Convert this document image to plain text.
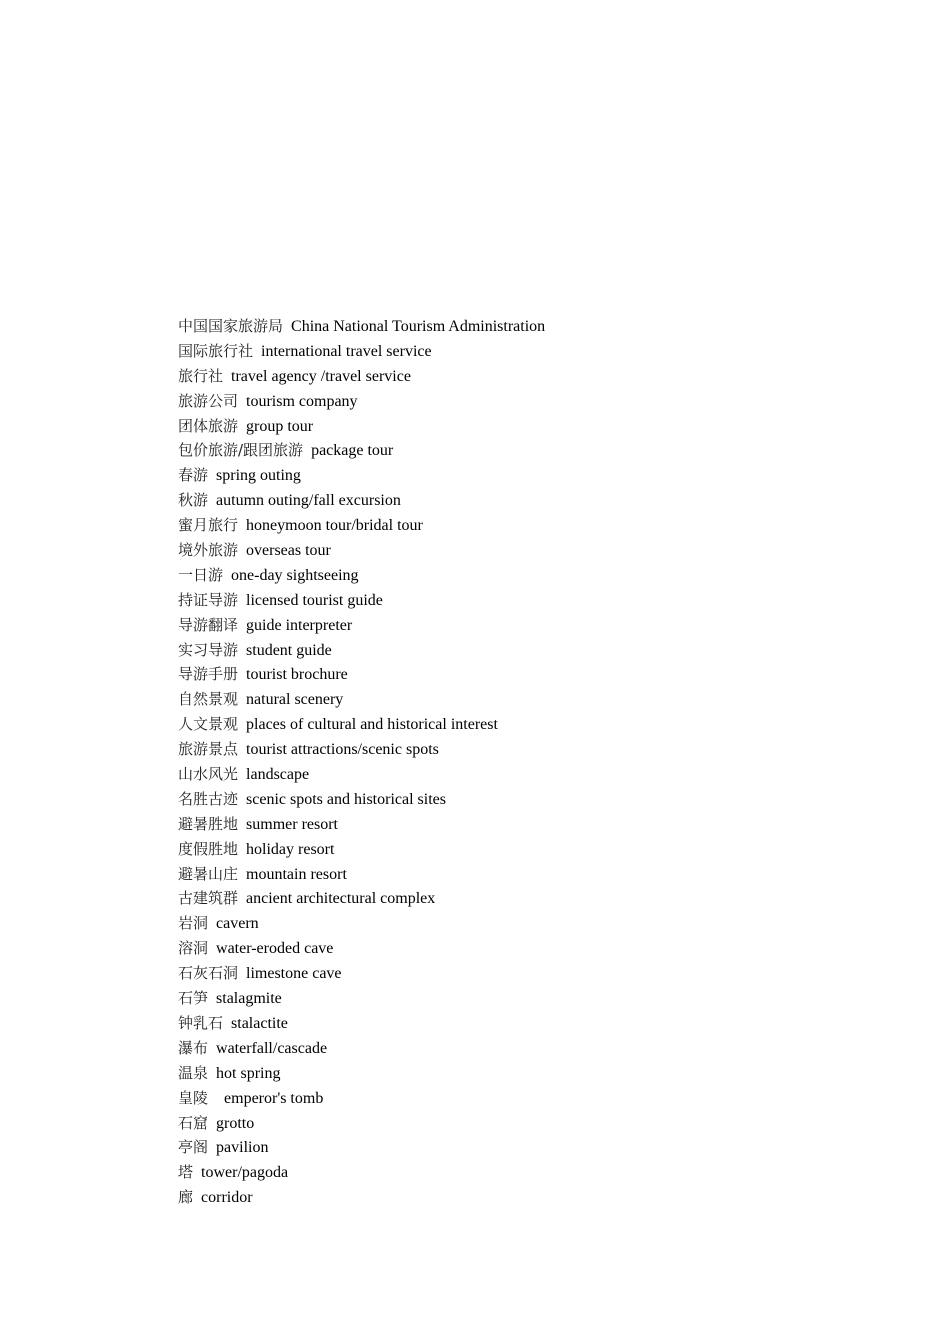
中国国家旅游局 China National Tourism Administration
国际旅行社 international travel service
旅行社 travel agency /travel service
旅游公司 tourism company
团体旅游 group tour
包价旅游/跟团旅游 package tour
春游 spring outing
秋游 autumn outing/fall excursion
蜜月旅行 honeymoon tour/bridal tour
境外旅游 overseas tour
一日游 one-day sightseeing
持证导游 licensed tourist guide
导游翻译 guide interpreter
实习导游 student guide
导游手册 tourist brochure
自然景观 natural scenery
人文景观 places of cultural and historical interest
旅游景点 tourist attractions/scenic spots
山水风光 landscape
名胜古迹 scenic spots and historical sites
避暑胜地 summer resort
度假胜地 holiday resort
避暑山庄 mountain resort
古建筑群 ancient architectural complex
岩洞 cavern
溶洞 water-eroded cave
石灰石洞 limestone cave
石笋 stalagmite
钟乳石 stalactite
瀑布 waterfall/cascade
温泉 hot spring
皇陵 emperor's tomb
石窟 grotto
亭阁 pavilion
塔 tower/pagoda
廊 corridor
